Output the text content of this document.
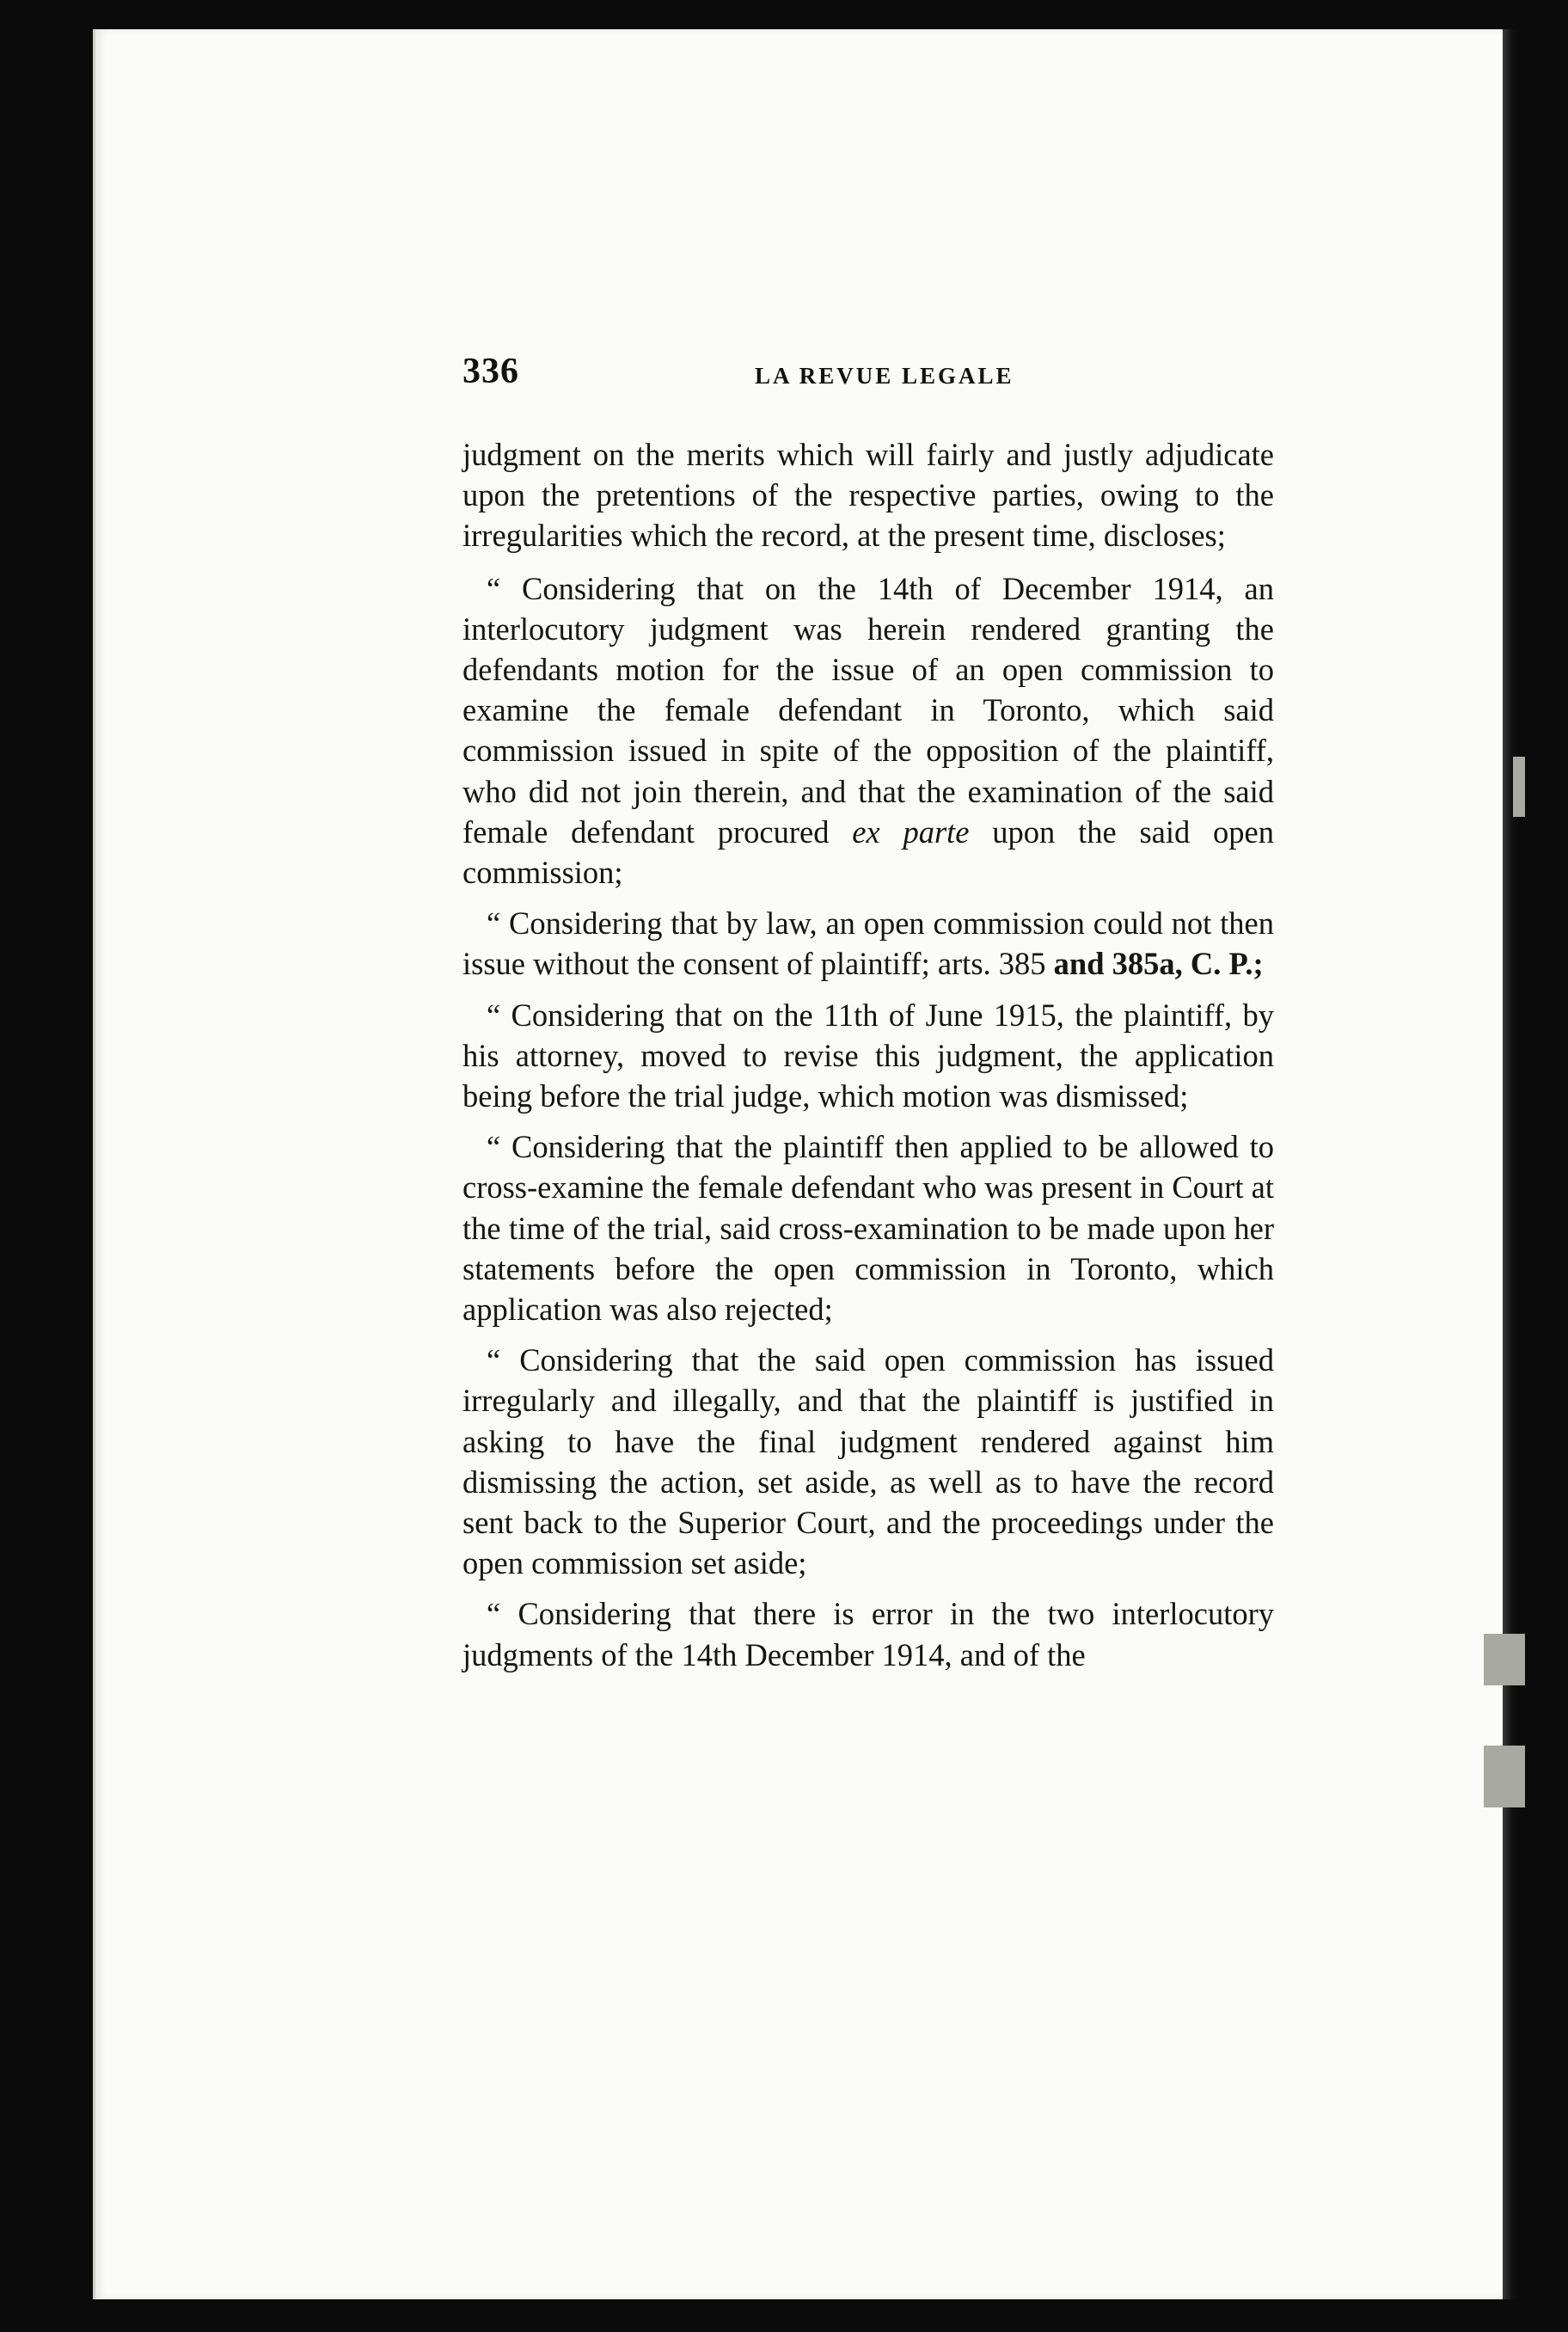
336	LA REVUE LEGALE

judgment on the merits which will fairly and justly adjudicate upon the pretentions of the respective parties, owing to the irregularities which the record, at the present time, discloses;

“ Considering that on the 14th of December 1914, an interlocutory judgment was herein rendered granting the defendants motion for the issue of an open commission to examine the female defendant in Toronto, which said commission issued in spite of the opposition of the plaintiff, who did not join therein, and that the examination of the said female defendant procured ex parte upon the said open commission;

“ Considering that by law, an open commission could not then issue without the consent of plaintiff; arts. 385 and 385a, C. P.;

“ Considering that on the 11th of June 1915, the plaintiff, by his attorney, moved to revise this judgment, the application being before the trial judge, which motion was dismissed;

“ Considering that the plaintiff then applied to be allowed to cross-examine the female defendant who was present in Court at the time of the trial, said cross-examination to be made upon her statements before the open commission in Toronto, which application was also rejected;

“ Considering that the said open commission has issued irregularly and illegally, and that the plaintiff is justified in asking to have the final judgment rendered against him dismissing the action, set aside, as well as to have the record sent back to the Superior Court, and the proceedings under the open commission set aside;

“ Considering that there is error in the two interlocutory judgments of the 14th December 1914, and of the
